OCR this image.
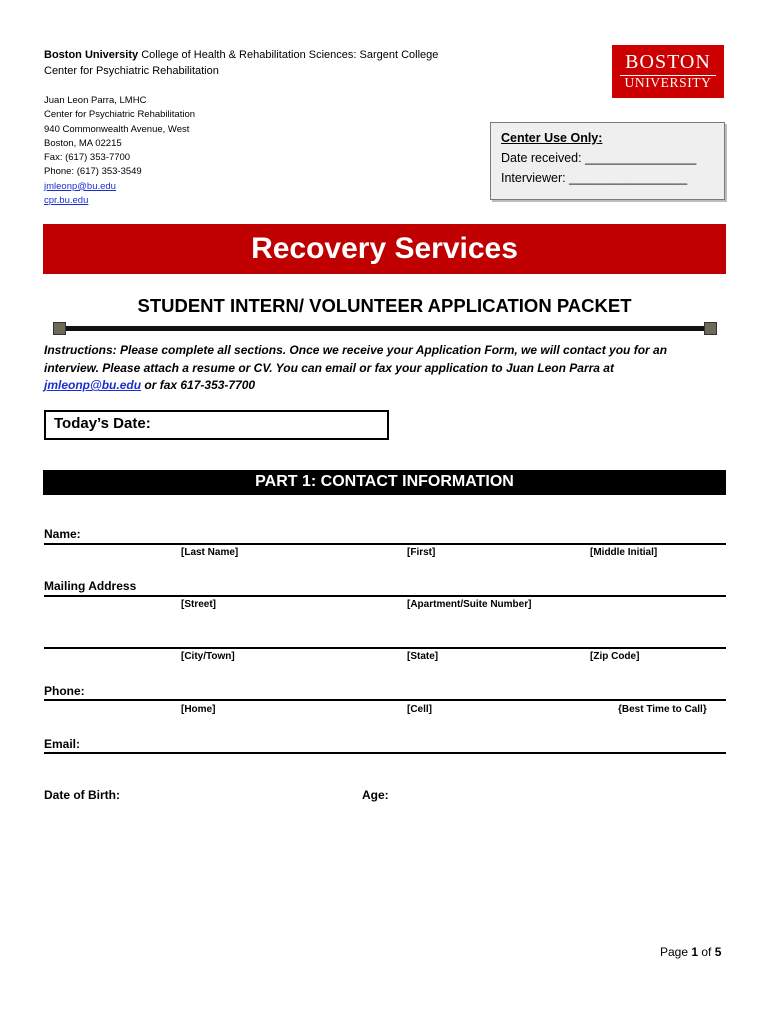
Boston University College of Health & Rehabilitation Sciences: Sargent College
Center for Psychiatric Rehabilitation
Juan Leon Parra, LMHC
Center for Psychiatric Rehabilitation
940 Commonwealth Avenue, West
Boston, MA 02215
Fax: (617) 353-7700
Phone: (617) 353-3549
jmleonp@bu.edu
cpr.bu.edu
BOSTON
UNIVERSITY
Center Use Only:
Date received: ________________
Interviewer: _________________
Recovery Services
STUDENT INTERN/ VOLUNTEER APPLICATION PACKET
Instructions: Please complete all sections. Once we receive your Application Form, we will contact you for an
interview. Please attach a resume or CV. You can email or fax your application to Juan Leon Parra at
jmleonp@bu.edu or fax 617-353-7700
Today’s Date:
PART 1: CONTACT INFORMATION
Name:
[Last Name]	[First]	[Middle Initial]
Mailing Address
[Street]	[Apartment/Suite Number]
[City/Town]	[State]	[Zip Code]
Phone:
[Home]	[Cell]	{Best Time to Call}
Email:
Date of Birth:	Age:
Page 1 of 5
